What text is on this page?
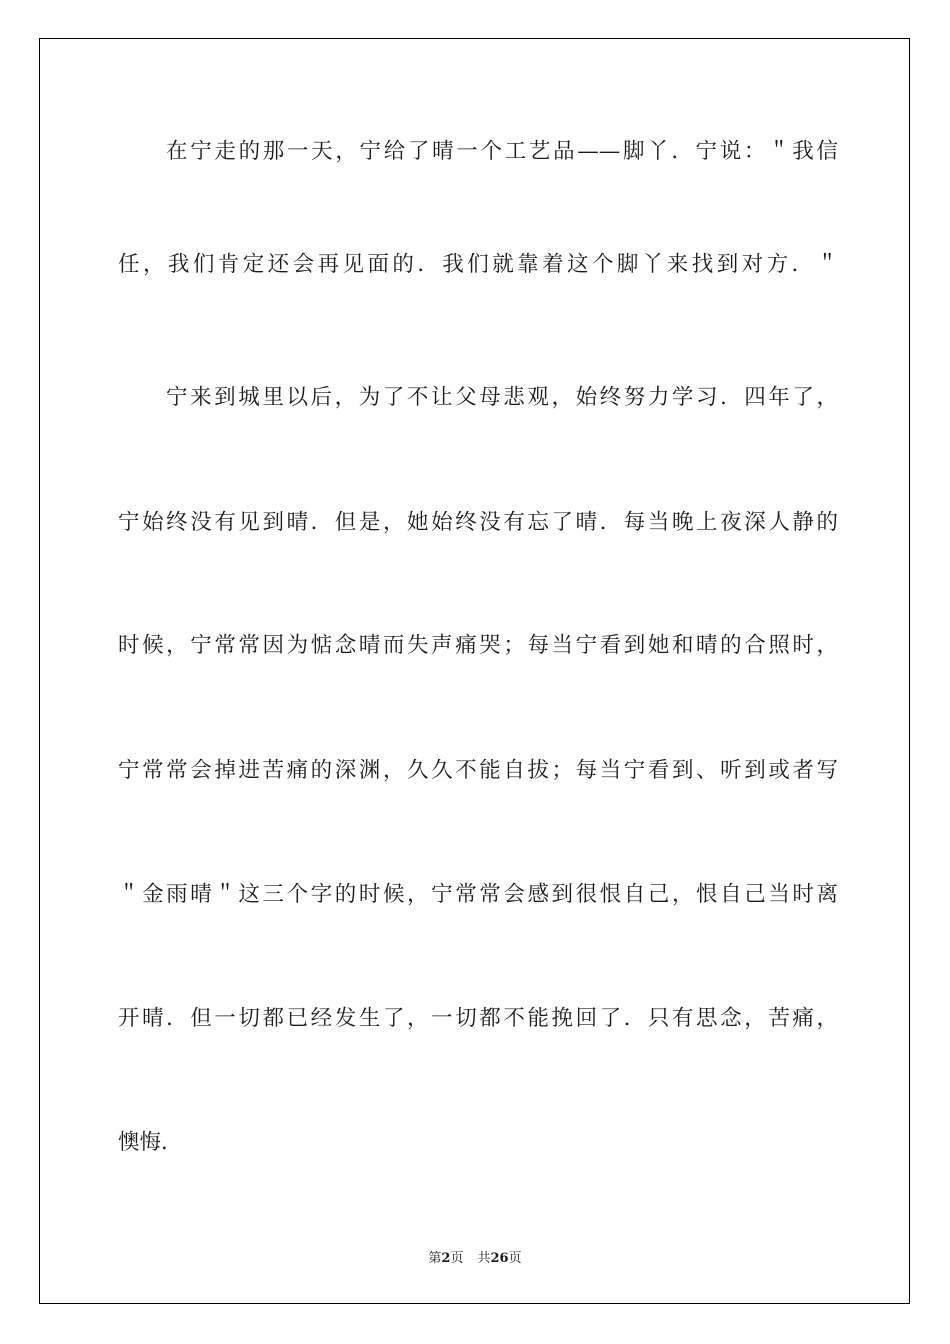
在宁走的那一天，宁给了晴一个工艺品——脚丫．宁说：＂我信
任，我们肯定还会再见面的．我们就靠着这个脚丫来找到对方．＂
宁来到城里以后，为了不让父母悲观，始终努力学习．四年了，
宁始终没有见到晴．但是，她始终没有忘了晴．每当晚上夜深人静的
时候，宁常常因为惦念晴而失声痛哭；每当宁看到她和晴的合照时，
宁常常会掉进苦痛的深渊，久久不能自拔；每当宁看到、听到或者写
＂金雨晴＂这三个字的时候，宁常常会感到很恨自己，恨自己当时离
开晴．但一切都已经发生了，一切都不能挽回了．只有思念，苦痛，
懊悔．
第2页 共26页
